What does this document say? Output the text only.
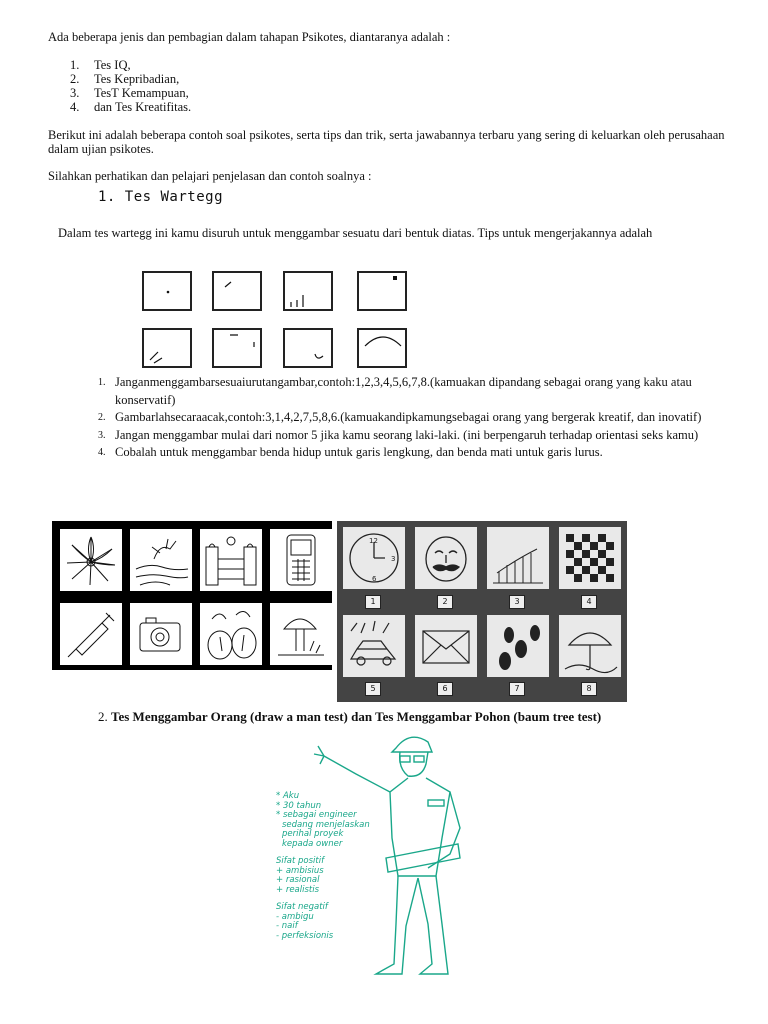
Ada beberapa jenis dan pembagian dalam tahapan Psikotes, diantaranya adalah :
1. Tes IQ,
2. Tes Kepribadian,
3. TesT Kemampuan,
4. dan Tes Kreatifitas.
Berikut ini adalah beberapa contoh soal psikotes, serta tips dan trik, serta jawabannya terbaru yang sering di keluarkan oleh perusahaan dalam ujian psikotes.
Silahkan perhatikan dan pelajari penjelasan dan contoh soalnya :
1. Tes Wartegg
Dalam tes wartegg ini kamu disuruh untuk menggambar sesuatu dari bentuk diatas. Tips untuk mengerjakannya adalah
1. Janganmenggambarsesuaiurutangambar,contoh:1,2,3,4,5,6,7,8.(kamuakan dipandang sebagai orang yang kaku atau konservatif)
2. Gambarlahsecaraacak,contoh:3,1,4,2,7,5,8,6.(kamuakandipkamungsebagai orang yang bergerak kreatif, dan inovatif)
3. Jangan menggambar mulai dari nomor 5 jika kamu seorang laki-laki. (ini berpengaruh terhadap orientasi seks kamu)
4. Cobalah untuk menggambar benda hidup untuk garis lengkung, dan benda mati untuk garis lurus.
12
3
6
1	2	3	4
5	6	7	8
2. Tes Menggambar Orang (draw a man test) dan Tes Menggambar Pohon (baum tree test)
* Aku
* 30 tahun
* sebagai engineer
sedang menjelaskan
perihal proyek
kepada owner
Sifat positif
+ ambisius
+ rasional
+ realistis
Sifat negatif
- ambigu
- naif
- perfeksionis
